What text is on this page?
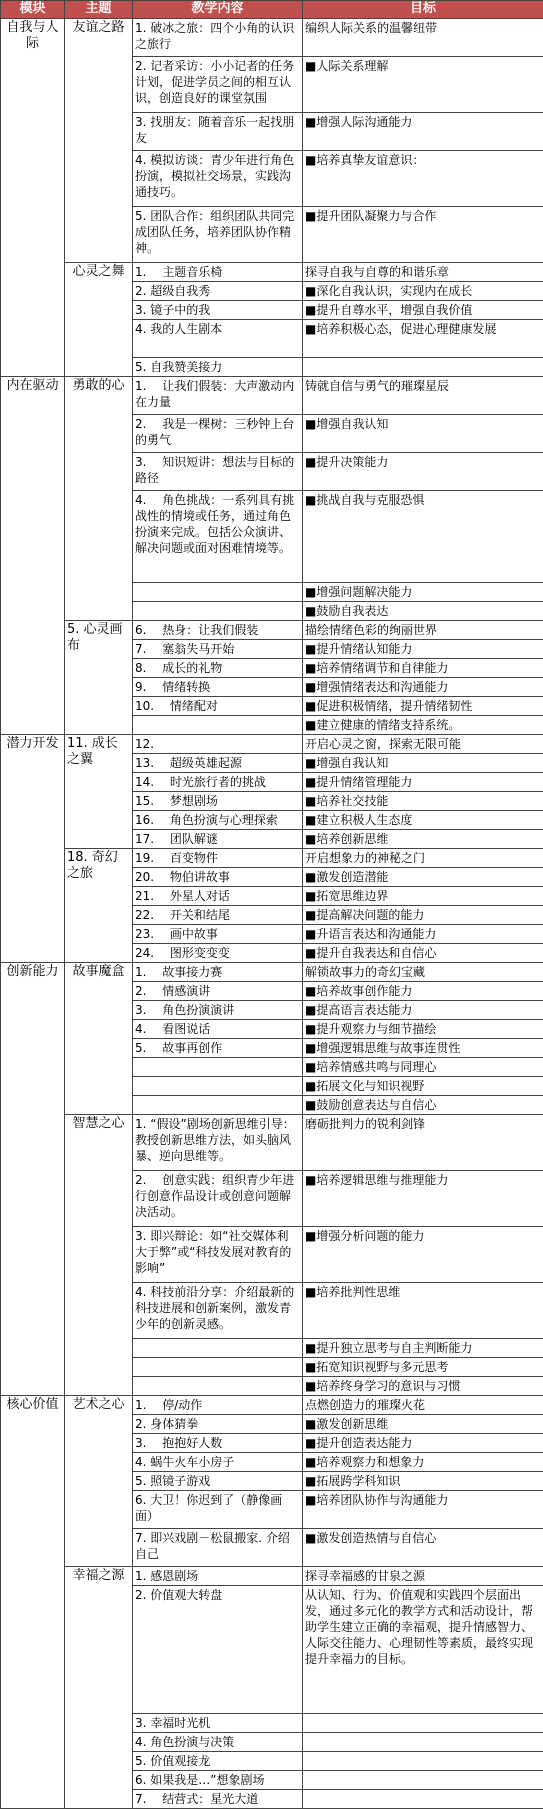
模块	主题	教学内容	目标
自我与人际	友谊之路	1. 破冰之旅：四个小角的认识之旅行	编织人际关系的温馨纽带
		2. 记者采访：小小记者的任务计划，促进学员之间的相互认识，创造良好的课堂氛围	■人际关系理解
		3. 找朋友：随着音乐一起找朋友	■增强人际沟通能力
		4. 模拟访谈：青少年进行角色扮演，模拟社交场景，实践沟通技巧。	■培养真挚友谊意识：
		5. 团队合作：组织团队共同完成团队任务，培养团队协作精神。	■提升团队凝聚力与合作
	心灵之舞	1. 　主题音乐椅	探寻自我与自尊的和谐乐章
		2. 超级自我秀	■深化自我认识，实现内在成长
		3. 镜子中的我	■提升自尊水平，增强自我价值
		4. 我的人生剧本	■培养积极心态，促进心理健康发展
		5. 自我赞美接力	
内在驱动	勇敢的心	1. 　让我们假装：大声激动内在力量	铸就自信与勇气的璀璨星辰
		2. 　我是一棵树：三秒钟上台的勇气	■增强自我认知
		3. 　知识短讲：想法与目标的路径	■提升决策能力
		4. 　角色挑战：一系列具有挑战性的情境或任务，通过角色扮演来完成。包括公众演讲、解决问题或面对困难情境等。	■挑战自我与克服恐惧
			■增强问题解决能力
			■鼓励自我表达
	5. 心灵画布	6. 　热身：让我们假装	描绘情绪色彩的绚丽世界
		7. 　塞翁失马开始	■提升情绪认知能力
		8. 　成长的礼物	■培养情绪调节和自律能力
		9. 　情绪转换	■增强情绪表达和沟通能力
		10. 　情绪配对	■促进积极情绪，提升情绪韧性
			■建立健康的情绪支持系统。
潜力开发	11. 成长之翼	12.	开启心灵之窗，探索无限可能
		13. 　超级英雄起源	■增强自我认知
		14. 　时光旅行者的挑战	■提升情绪管理能力
		15. 　梦想剧场	■培养社交技能
		16. 　角色扮演与心理探索	■建立积极人生态度
		17. 　团队解谜	■培养创新思维
	18. 奇幻之旅	19. 　百变物件	开启想象力的神秘之门
		20. 　物伯讲故事	■激发创造潜能
		21. 　外星人对话	■拓宽思维边界
		22. 　开关和结尾	■提高解决问题的能力
		23. 　画中故事	■升语言表达和沟通能力
		24. 　图形变变变	■提升自我表达和自信心
创新能力	故事魔盒	1. 　故事接力赛	解锁故事力的奇幻宝藏
		2. 　情感演讲	■培养故事创作能力
		3. 　角色扮演演讲	■提高语言表达能力
		4. 　看图说话	■提升观察力与细节描绘
		5. 　故事再创作	■增强逻辑思维与故事连贯性
			■培养情感共鸣与同理心
			■拓展文化与知识视野
			■鼓励创意表达与自信心
	智慧之心	1. “假设”剧场创新思维引导：教授创新思维方法，如头脑风暴、逆向思维等。	磨砺批判力的锐利剑锋
		2. 　创意实践：组织青少年进行创意作品设计或创意问题解决活动。	■培养逻辑思维与推理能力
		3. 即兴辩论：如“社交媒体利大于弊”或“科技发展对教育的影响”	■增强分析问题的能力
		4. 科技前沿分享：介绍最新的科技进展和创新案例，激发青少年的创新灵感。	■培养批判性思维
			■提升独立思考与自主判断能力
			■拓宽知识视野与多元思考
			■培养终身学习的意识与习惯
核心价值	艺术之心	1. 　停/动作	点燃创造力的璀璨火花
		2. 身体猜拳	■激发创新思维
		3. 　抱抱好人数	■提升创造表达能力
		4. 蜗牛火车小房子	■培养观察力和想象力
		5. 照镜子游戏	■拓展跨学科知识
		6. 大卫！你迟到了（静像画面）	■培养团队协作与沟通能力
		7. 即兴戏剧－松鼠搬家. 介绍自己	■激发创造热情与自信心
	幸福之源	1. 感恩剧场	探寻幸福感的甘泉之源
		2. 价值观大转盘	从认知、行为、价值观和实践四个层面出发，通过多元化的教学方式和活动设计，帮助学生建立正确的幸福观，提升情感智力、人际交往能力、心理韧性等素质，最终实现提升幸福力的目标。
		3. 幸福时光机	
		4. 角色扮演与决策	
		5. 价值观接龙	
		6. 如果我是…”想象剧场	
		7. 　结营式：星光大道	
